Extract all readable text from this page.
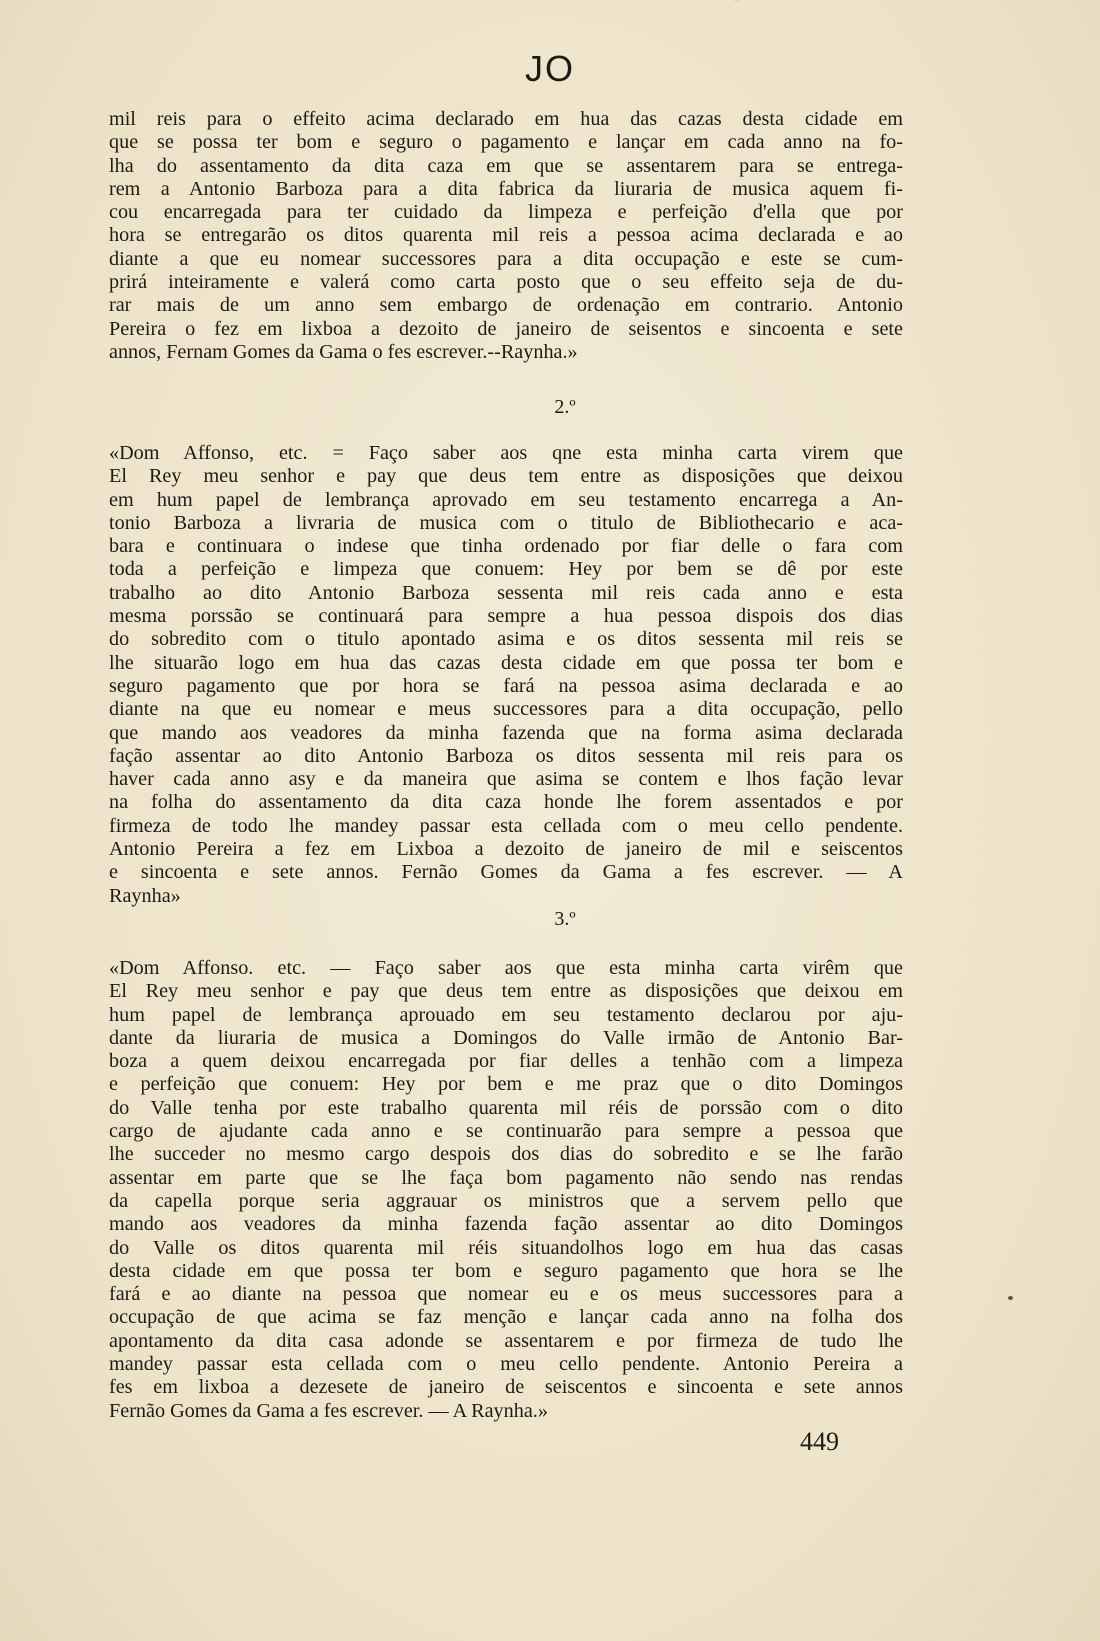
JO
mil reis para o effeito acima declarado em hua das cazas desta cidade em
que se possa ter bom e seguro o pagamento e lançar em cada anno na fo-
lha do assentamento da dita caza em que se assentarem para se entrega-
rem a Antonio Barboza para a dita fabrica da liuraria de musica aquem fi-
cou encarregada para ter cuidado da limpeza e perfeição d'ella que por
hora se entregarão os ditos quarenta mil reis a pessoa acima declarada e ao
diante a que eu nomear successores para a dita occupação e este se cum-
prirá inteiramente e valerá como carta posto que o seu effeito seja de du-
rar mais de um anno sem embargo de ordenação em contrario. Antonio
Pereira o fez em lixboa a dezoito de janeiro de seisentos e sincoenta e sete
annos, Fernam Gomes da Gama o fes escrever.--Raynha.»
2.º
«Dom Affonso, etc. = Faço saber aos qne esta minha carta virem que
El Rey meu senhor e pay que deus tem entre as disposições que deixou
em hum papel de lembrança aprovado em seu testamento encarrega a An-
tonio Barboza a livraria de musica com o titulo de Bibliothecario e aca-
bara e continuara o indese que tinha ordenado por fiar delle o fara com
toda a perfeição e limpeza que conuem: Hey por bem se dê por este
trabalho ao dito Antonio Barboza sessenta mil reis cada anno e esta
mesma porssão se continuará para sempre a hua pessoa dispois dos dias
do sobredito com o titulo apontado asima e os ditos sessenta mil reis se
lhe situarão logo em hua das cazas desta cidade em que possa ter bom e
seguro pagamento que por hora se fará na pessoa asima declarada e ao
diante na que eu nomear e meus successores para a dita occupação, pello
que mando aos veadores da minha fazenda que na forma asima declarada
fação assentar ao dito Antonio Barboza os ditos sessenta mil reis para os
haver cada anno asy e da maneira que asima se contem e lhos fação levar
na folha do assentamento da dita caza honde lhe forem assentados e por
firmeza de todo lhe mandey passar esta cellada com o meu cello pendente.
Antonio Pereira a fez em Lixboa a dezoito de janeiro de mil e seiscentos
e sincoenta e sete annos. Fernão Gomes da Gama a fes escrever. — A
Raynha»
3.º
«Dom Affonso. etc. — Faço saber aos que esta minha carta virêm que
El Rey meu senhor e pay que deus tem entre as disposições que deixou em
hum papel de lembrança aprouado em seu testamento declarou por aju-
dante da liuraria de musica a Domingos do Valle irmão de Antonio Bar-
boza a quem deixou encarregada por fiar delles a tenhão com a limpeza
e perfeição que conuem: Hey por bem e me praz que o dito Domingos
do Valle tenha por este trabalho quarenta mil réis de porssão com o dito
cargo de ajudante cada anno e se continuarão para sempre a pessoa que
lhe succeder no mesmo cargo despois dos dias do sobredito e se lhe farão
assentar em parte que se lhe faça bom pagamento não sendo nas rendas
da capella porque seria aggrauar os ministros que a servem pello que
mando aos veadores da minha fazenda fação assentar ao dito Domingos
do Valle os ditos quarenta mil réis situandolhos logo em hua das casas
desta cidade em que possa ter bom e seguro pagamento que hora se lhe
fará e ao diante na pessoa que nomear eu e os meus successores para a
occupação de que acima se faz menção e lançar cada anno na folha dos
apontamento da dita casa adonde se assentarem e por firmeza de tudo lhe
mandey passar esta cellada com o meu cello pendente. Antonio Pereira a
fes em lixboa a dezesete de janeiro de seiscentos e sincoenta e sete annos
Fernão Gomes da Gama a fes escrever. — A Raynha.»
449
